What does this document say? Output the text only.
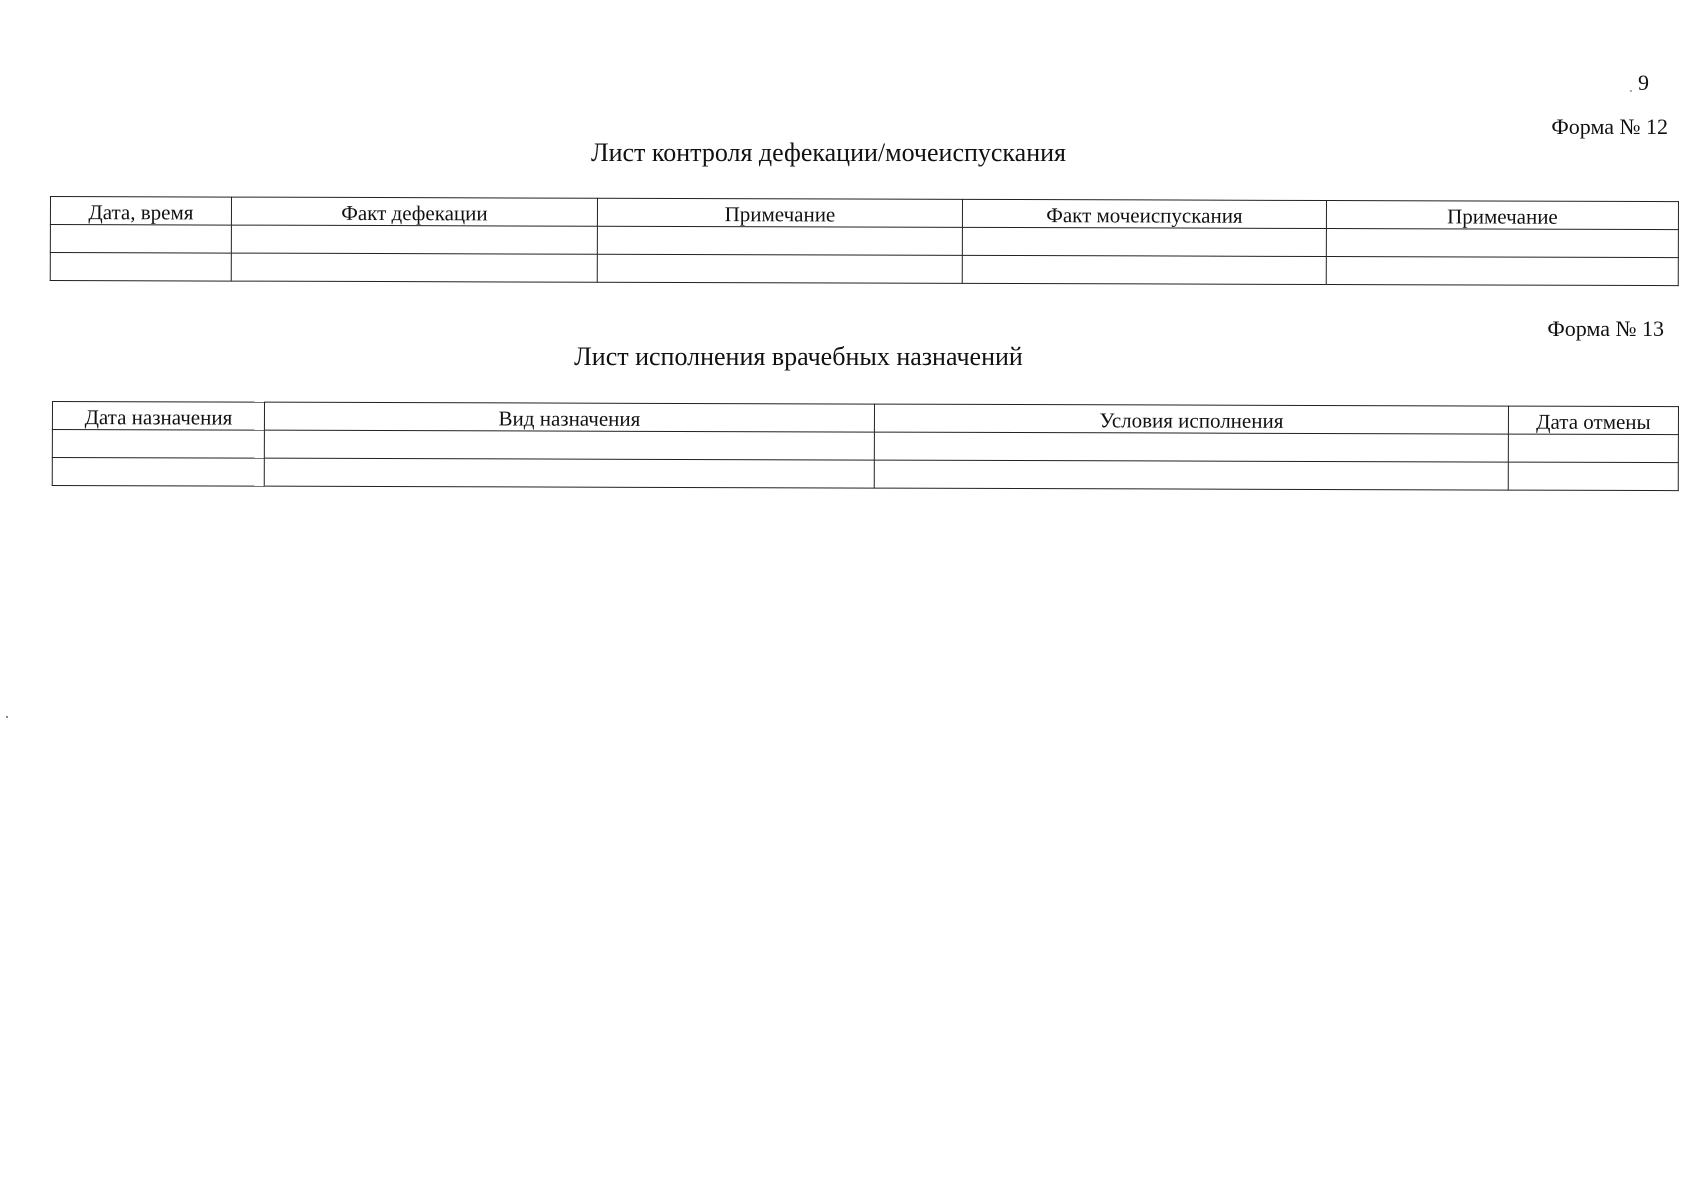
9
Форма № 12
Лист контроля дефекации/мочеиспускания
Дата, время	Факт дефекации	Примечание	Факт мочеиспускания	Примечание

Форма № 13
Лист исполнения врачебных назначений
Дата назначения	Вид назначения	Условия исполнения	Дата отмены
